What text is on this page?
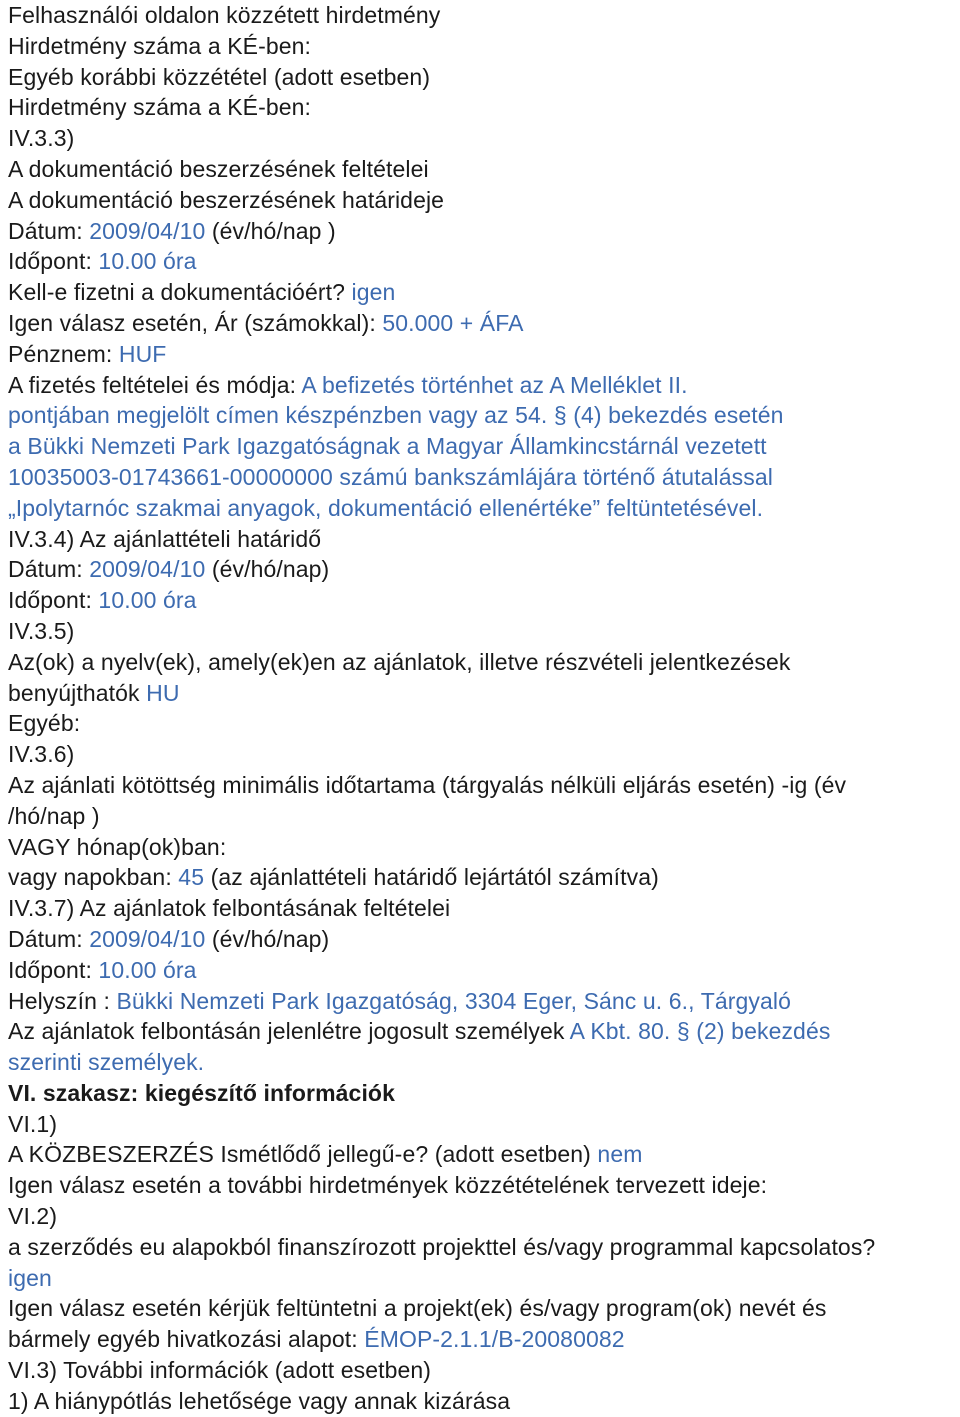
Felhasználói oldalon közzétett hirdetmény
Hirdetmény száma a KÉ-ben:
Egyéb korábbi közzététel (adott esetben)
Hirdetmény száma a KÉ-ben:
IV.3.3)
A dokumentáció beszerzésének feltételei
A dokumentáció beszerzésének határideje
Dátum: 2009/04/10 (év/hó/nap )
Időpont: 10.00 óra
Kell-e fizetni a dokumentációért? igen
Igen válasz esetén, Ár (számokkal): 50.000 + ÁFA
Pénznem: HUF
A fizetés feltételei és módja: A befizetés történhet az A Melléklet II.
pontjában megjelölt címen készpénzben vagy az 54. § (4) bekezdés esetén
a Bükki Nemzeti Park Igazgatóságnak a Magyar Államkincstárnál vezetett
10035003-01743661-00000000 számú bankszámlájára történő átutalással
„Ipolytarnóc szakmai anyagok, dokumentáció ellenértéke” feltüntetésével.
IV.3.4) Az ajánlattételi határidő
Dátum: 2009/04/10 (év/hó/nap)
Időpont: 10.00 óra
IV.3.5)
Az(ok) a nyelv(ek), amely(ek)en az ajánlatok, illetve részvételi jelentkezések
benyújthatók HU
Egyéb:
IV.3.6)
Az ajánlati kötöttség minimális időtartama (tárgyalás nélküli eljárás esetén) -ig (év
/hó/nap )
VAGY hónap(ok)ban:
vagy napokban: 45 (az ajánlattételi határidő lejártától számítva)
IV.3.7) Az ajánlatok felbontásának feltételei
Dátum: 2009/04/10 (év/hó/nap)
Időpont: 10.00 óra
Helyszín : Bükki Nemzeti Park Igazgatóság, 3304 Eger, Sánc u. 6., Tárgyaló
Az ajánlatok felbontásán jelenlétre jogosult személyek A Kbt. 80. § (2) bekezdés
szerinti személyek.
VI. szakasz: kiegészítő információk
VI.1)
A KÖZBESZERZÉS Ismétlődő jellegű-e? (adott esetben) nem
Igen válasz esetén a további hirdetmények közzétételének tervezett ideje:
VI.2)
a szerződés eu alapokból finanszírozott projekttel és/vagy programmal kapcsolatos?
igen
Igen válasz esetén kérjük feltüntetni a projekt(ek) és/vagy program(ok) nevét és
bármely egyéb hivatkozási alapot: ÉMOP-2.1.1/B-20080082
VI.3) További információk (adott esetben)
1) A hiánypótlás lehetősége vagy annak kizárása
